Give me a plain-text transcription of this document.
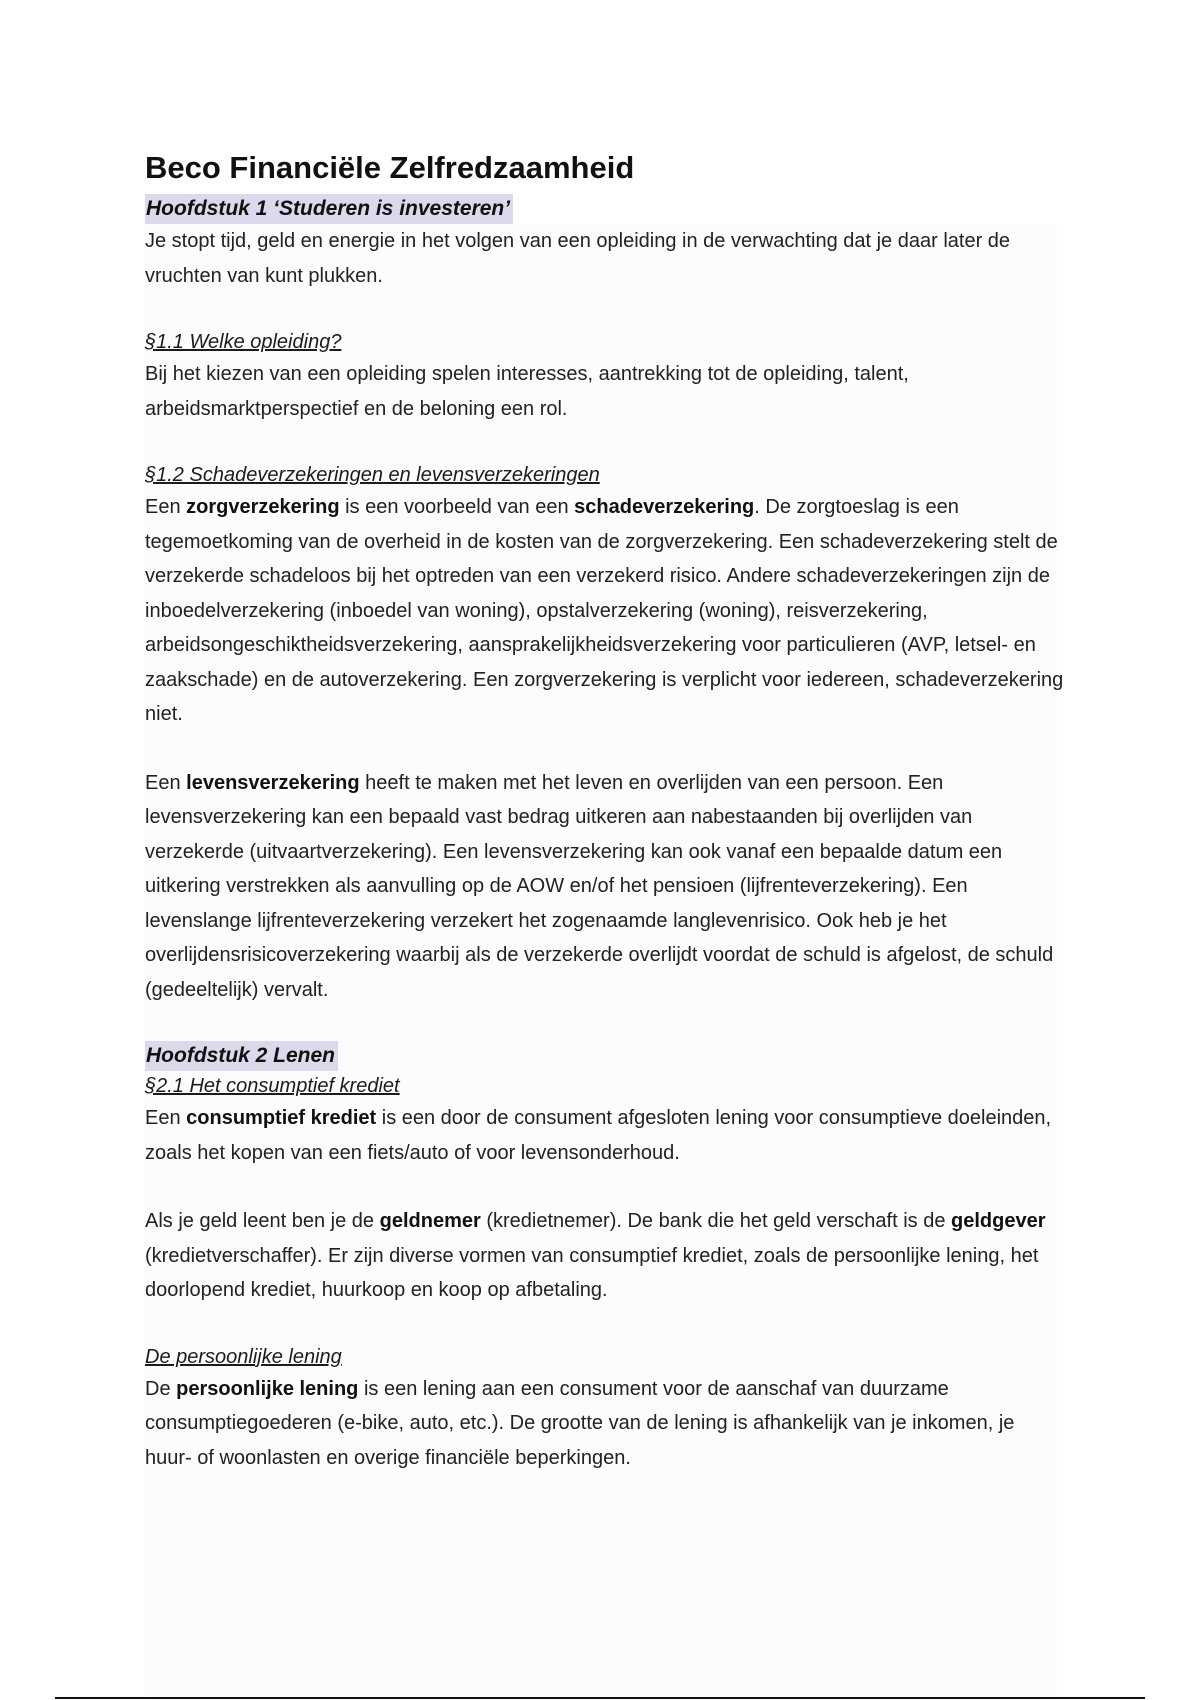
Beco Financiële Zelfredzaamheid
Hoofdstuk 1 ‘Studeren is investeren’

Je stopt tijd, geld en energie in het volgen van een opleiding in de verwachting dat je daar later de vruchten van kunt plukken.

§1.1 Welke opleiding?

Bij het kiezen van een opleiding spelen interesses, aantrekking tot de opleiding, talent, arbeidsmarktperspectief en de beloning een rol.

§1.2 Schadeverzekeringen en levensverzekeringen

Een zorgverzekering is een voorbeeld van een schadeverzekering. De zorgtoeslag is een tegemoetkoming van de overheid in de kosten van de zorgverzekering. Een schadeverzekering stelt de verzekerde schadeloos bij het optreden van een verzekerd risico. Andere schadeverzekeringen zijn de inboedelverzekering (inboedel van woning), opstalverzekering (woning), reisverzekering, arbeidsongeschiktheidsverzekering, aansprakelijkheidsverzekering voor particulieren (AVP, letsel- en zaakschade) en de autoverzekering. Een zorgverzekering is verplicht voor iedereen, schadeverzekering niet.

Een levensverzekering heeft te maken met het leven en overlijden van een persoon. Een levensverzekering kan een bepaald vast bedrag uitkeren aan nabestaanden bij overlijden van verzekerde (uitvaartverzekering). Een levensverzekering kan ook vanaf een bepaalde datum een uitkering verstrekken als aanvulling op de AOW en/of het pensioen (lijfrenteverzekering). Een levenslange lijfrenteverzekering verzekert het zogenaamde langlevenrisico. Ook heb je het overlijdensrisicoverzekering waarbij als de verzekerde overlijdt voordat de schuld is afgelost, de schuld (gedeeltelijk) vervalt.

Hoofdstuk 2 Lenen
§2.1 Het consumptief krediet

Een consumptief krediet is een door de consument afgesloten lening voor consumptieve doeleinden, zoals het kopen van een fiets/auto of voor levensonderhoud.

Als je geld leent ben je de geldnemer (kredietnemer). De bank die het geld verschaft is de geldgever (kredietverschaffer). Er zijn diverse vormen van consumptief krediet, zoals de persoonlijke lening, het doorlopend krediet, huurkoop en koop op afbetaling.

De persoonlijke lening

De persoonlijke lening is een lening aan een consument voor de aanschaf van duurzame consumptiegoederen (e-bike, auto, etc.). De grootte van de lening is afhankelijk van je inkomen, je huur- of woonlasten en overige financiële beperkingen.
